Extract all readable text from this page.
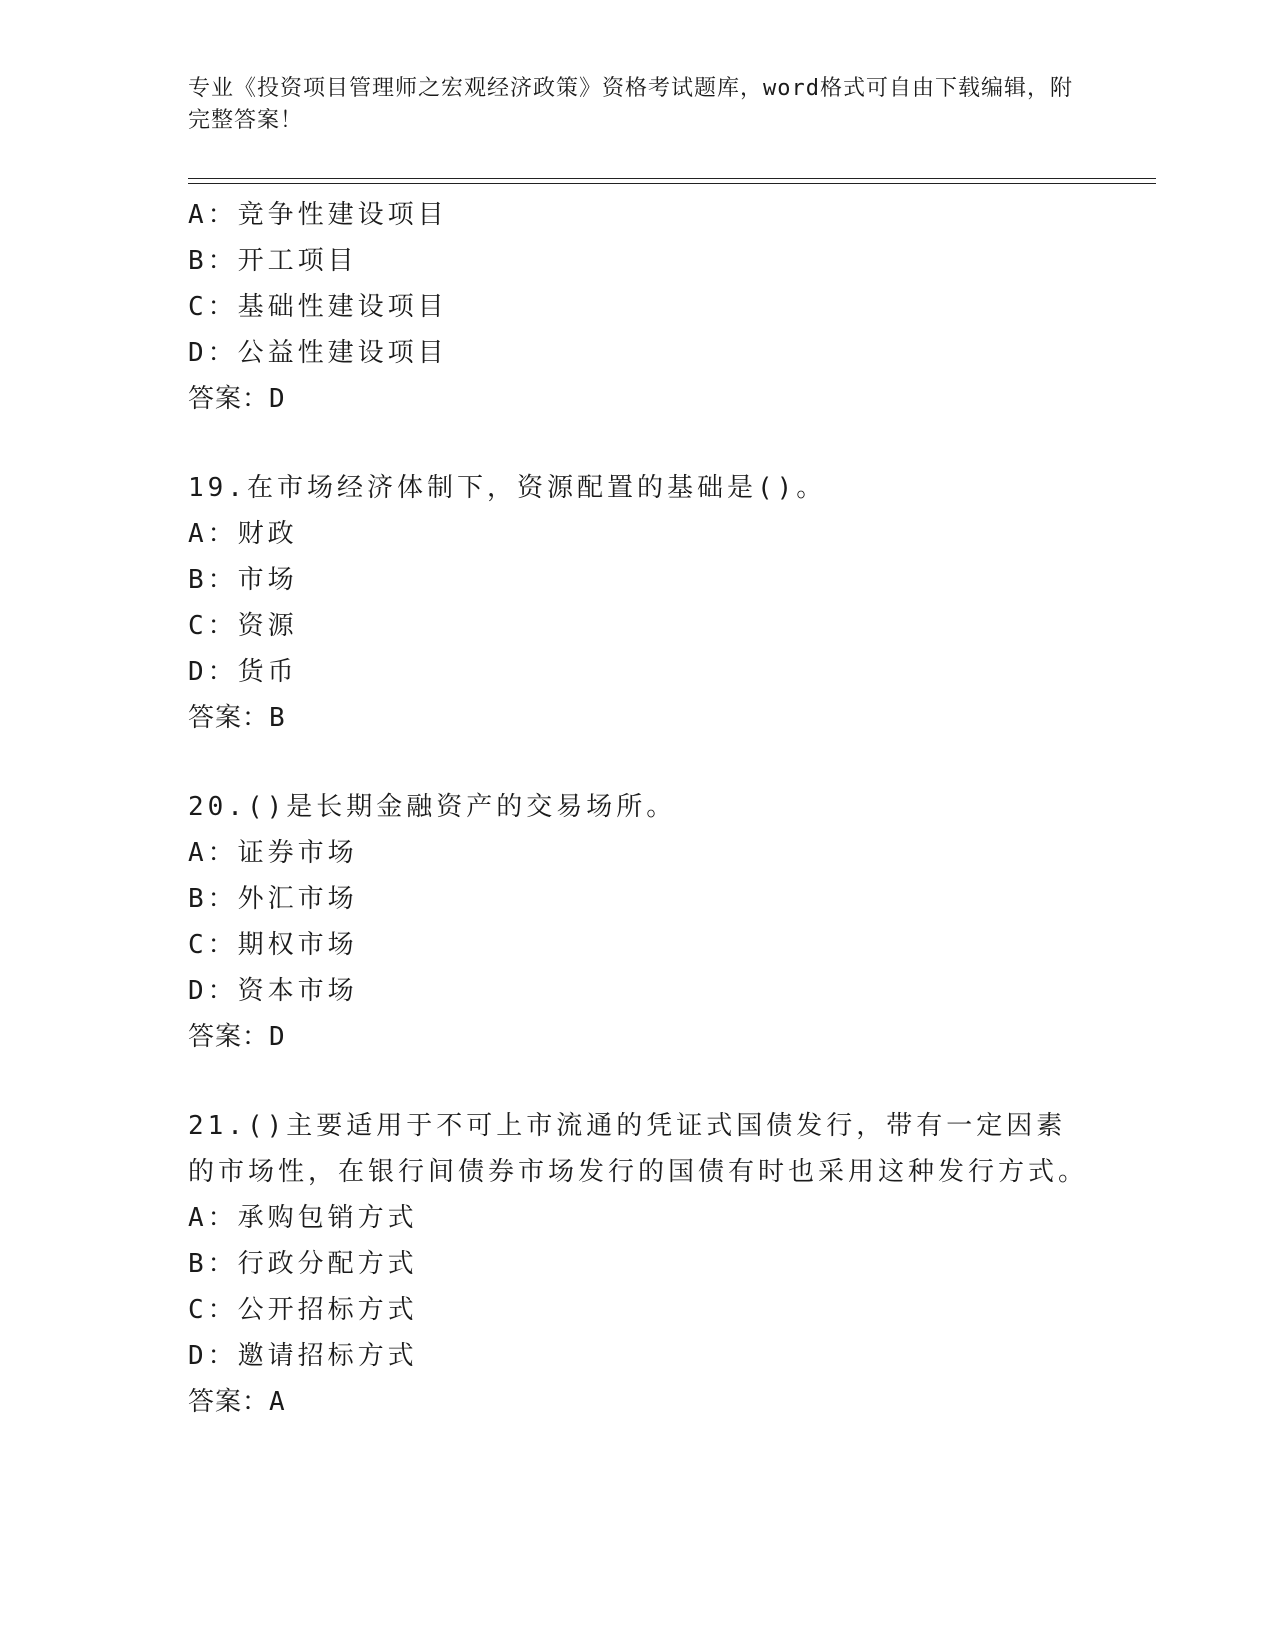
专业《投资项目管理师之宏观经济政策》资格考试题库，word格式可自由下载编辑，附完整答案！
A：竞争性建设项目
B：开工项目
C：基础性建设项目
D：公益性建设项目
答案：D
19.在市场经济体制下，资源配置的基础是()。
A：财政
B：市场
C：资源
D：货币
答案：B
20.()是长期金融资产的交易场所。
A：证券市场
B：外汇市场
C：期权市场
D：资本市场
答案：D
21.()主要适用于不可上市流通的凭证式国债发行，带有一定因素的市场性，在银行间债券市场发行的国债有时也采用这种发行方式。
A：承购包销方式
B：行政分配方式
C：公开招标方式
D：邀请招标方式
答案：A
